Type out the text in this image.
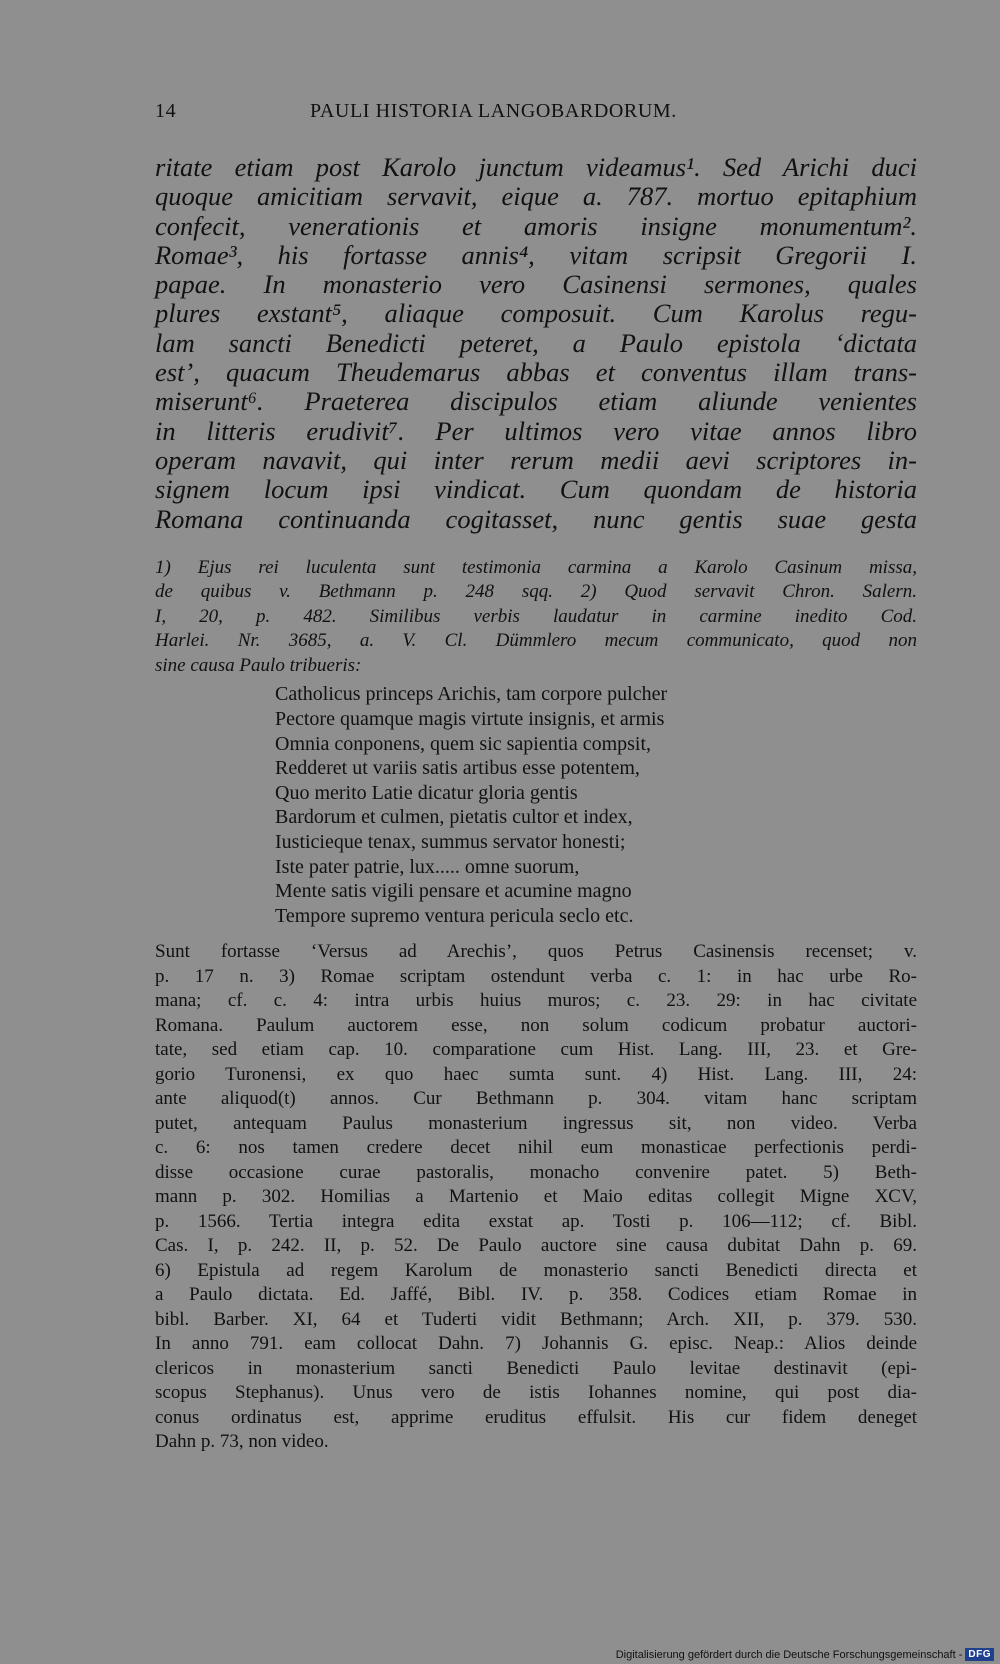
14	PAULI HISTORIA LANGOBARDORUM.

ritate etiam post Karolo junctum videamus¹. Sed Arichi duci

quoque amicitiam servavit, eique a. 787. mortuo epitaphium

confecit, venerationis et amoris insigne monumentum².

Romae³, his fortasse annis⁴, vitam scripsit Gregorii I.

papae. In monasterio vero Casinensi sermones, quales

plures exstant⁵, aliaque composuit. Cum Karolus regu-

lam sancti Benedicti peteret, a Paulo epistola ‘dictata

est’, quacum Theudemarus abbas et conventus illam trans-

miserunt⁶. Praeterea discipulos etiam aliunde venientes

in litteris erudivit⁷. Per ultimos vero vitae annos libro

operam navavit, qui inter rerum medii aevi scriptores in-

signem locum ipsi vindicat. Cum quondam de historia

Romana continuanda cogitasset, nunc gentis suae gesta

1) Ejus rei luculenta sunt testimonia carmina a Karolo Casinum missa,

de quibus v. Bethmann p. 248 sqq. 2) Quod servavit Chron. Salern.

I, 20, p. 482. Similibus verbis laudatur in carmine inedito Cod.

Harlei. Nr. 3685, a. V. Cl. Dümmlero mecum communicato, quod non

sine causa Paulo tribueris:

Catholicus princeps Arichis, tam corpore pulcher
Pectore quamque magis virtute insignis, et armis
Omnia conponens, quem sic sapientia compsit,
Redderet ut variis satis artibus esse potentem,
Quo merito Latie dicatur gloria gentis
Bardorum et culmen, pietatis cultor et index,
Iusticieque tenax, summus servator honesti;
Iste pater patrie, lux..... omne suorum,
Mente satis vigili pensare et acumine magno
Tempore supremo ventura pericula seclo etc.

Sunt fortasse ‘Versus ad Arechis’, quos Petrus Casinensis recenset; v.

p. 17 n. 3) Romae scriptam ostendunt verba c. 1: in hac urbe Ro-

mana; cf. c. 4: intra urbis huius muros; c. 23. 29: in hac civitate

Romana. Paulum auctorem esse, non solum codicum probatur auctori-

tate, sed etiam cap. 10. comparatione cum Hist. Lang. III, 23. et Gre-

gorio Turonensi, ex quo haec sumta sunt. 4) Hist. Lang. III, 24:

ante aliquod(t) annos. Cur Bethmann p. 304. vitam hanc scriptam

putet, antequam Paulus monasterium ingressus sit, non video. Verba

c. 6: nos tamen credere decet nihil eum monasticae perfectionis perdi-

disse occasione curae pastoralis, monacho convenire patet. 5) Beth-

mann p. 302. Homilias a Martenio et Maio editas collegit Migne XCV,

p. 1566. Tertia integra edita exstat ap. Tosti p. 106—112; cf. Bibl.

Cas. I, p. 242. II, p. 52. De Paulo auctore sine causa dubitat Dahn p. 69.

6) Epistula ad regem Karolum de monasterio sancti Benedicti directa et

a Paulo dictata. Ed. Jaffé, Bibl. IV. p. 358. Codices etiam Romae in

bibl. Barber. XI, 64 et Tuderti vidit Bethmann; Arch. XII, p. 379. 530.

In anno 791. eam collocat Dahn. 7) Johannis G. episc. Neap.: Alios deinde

clericos in monasterium sancti Benedicti Paulo levitae destinavit (epi-

scopus Stephanus). Unus vero de istis Iohannes nomine, qui post dia-

conus ordinatus est, apprime eruditus effulsit. His cur fidem deneget

Dahn p. 73, non video.

Digitalisierung gefördert durch die Deutsche Forschungsgemeinschaft - DFG
